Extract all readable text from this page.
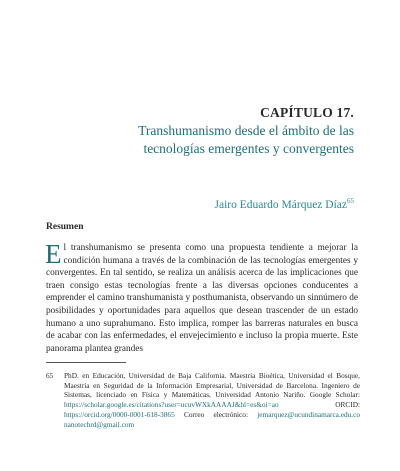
CAPÍTULO 17.
Transhumanismo desde el ámbito de las
tecnologías emergentes y convergentes
Jairo Eduardo Márquez Díaz$^{65}$
Resumen
El transhumanismo se presenta como una propuesta tendiente a mejorar la condición humana a través de la combinación de las tecnologías emergentes y convergentes. En tal sentido, se realiza un análisis acerca de las implicaciones que traen consigo estas tecnologías frente a las diversas opciones conducentes a emprender el camino transhumanista y posthumanista, observando un sinnúmero de posibilidades y oportunidades para aquellos que desean trascender de un estado humano a uno suprahumano. Esto implica, romper las barreras naturales en busca de acabar con las enfermedades, el envejecimiento e incluso la propia muerte. Este panorama plantea grandes
65 PhD. en Educación, Universidad de Baja California. Maestría Bioética, Universidad el Bosque, Maestría en Seguridad de la Información Empresarial, Universidad de Barcelona. Ingeniero de Sistemas, licenciado en Física y Matemáticas, Universidad Antonio Nariño. Google Scholar: https://scholar.google.es/citations?user=ucuvWXkAAAAJ&hl=es&oi=ao ORCID: https://orcid.org/0000-0001-618-3865 Correo electrónico: jemarquez@ucundinamarca.edu.co nanotechrd@gmail.com
